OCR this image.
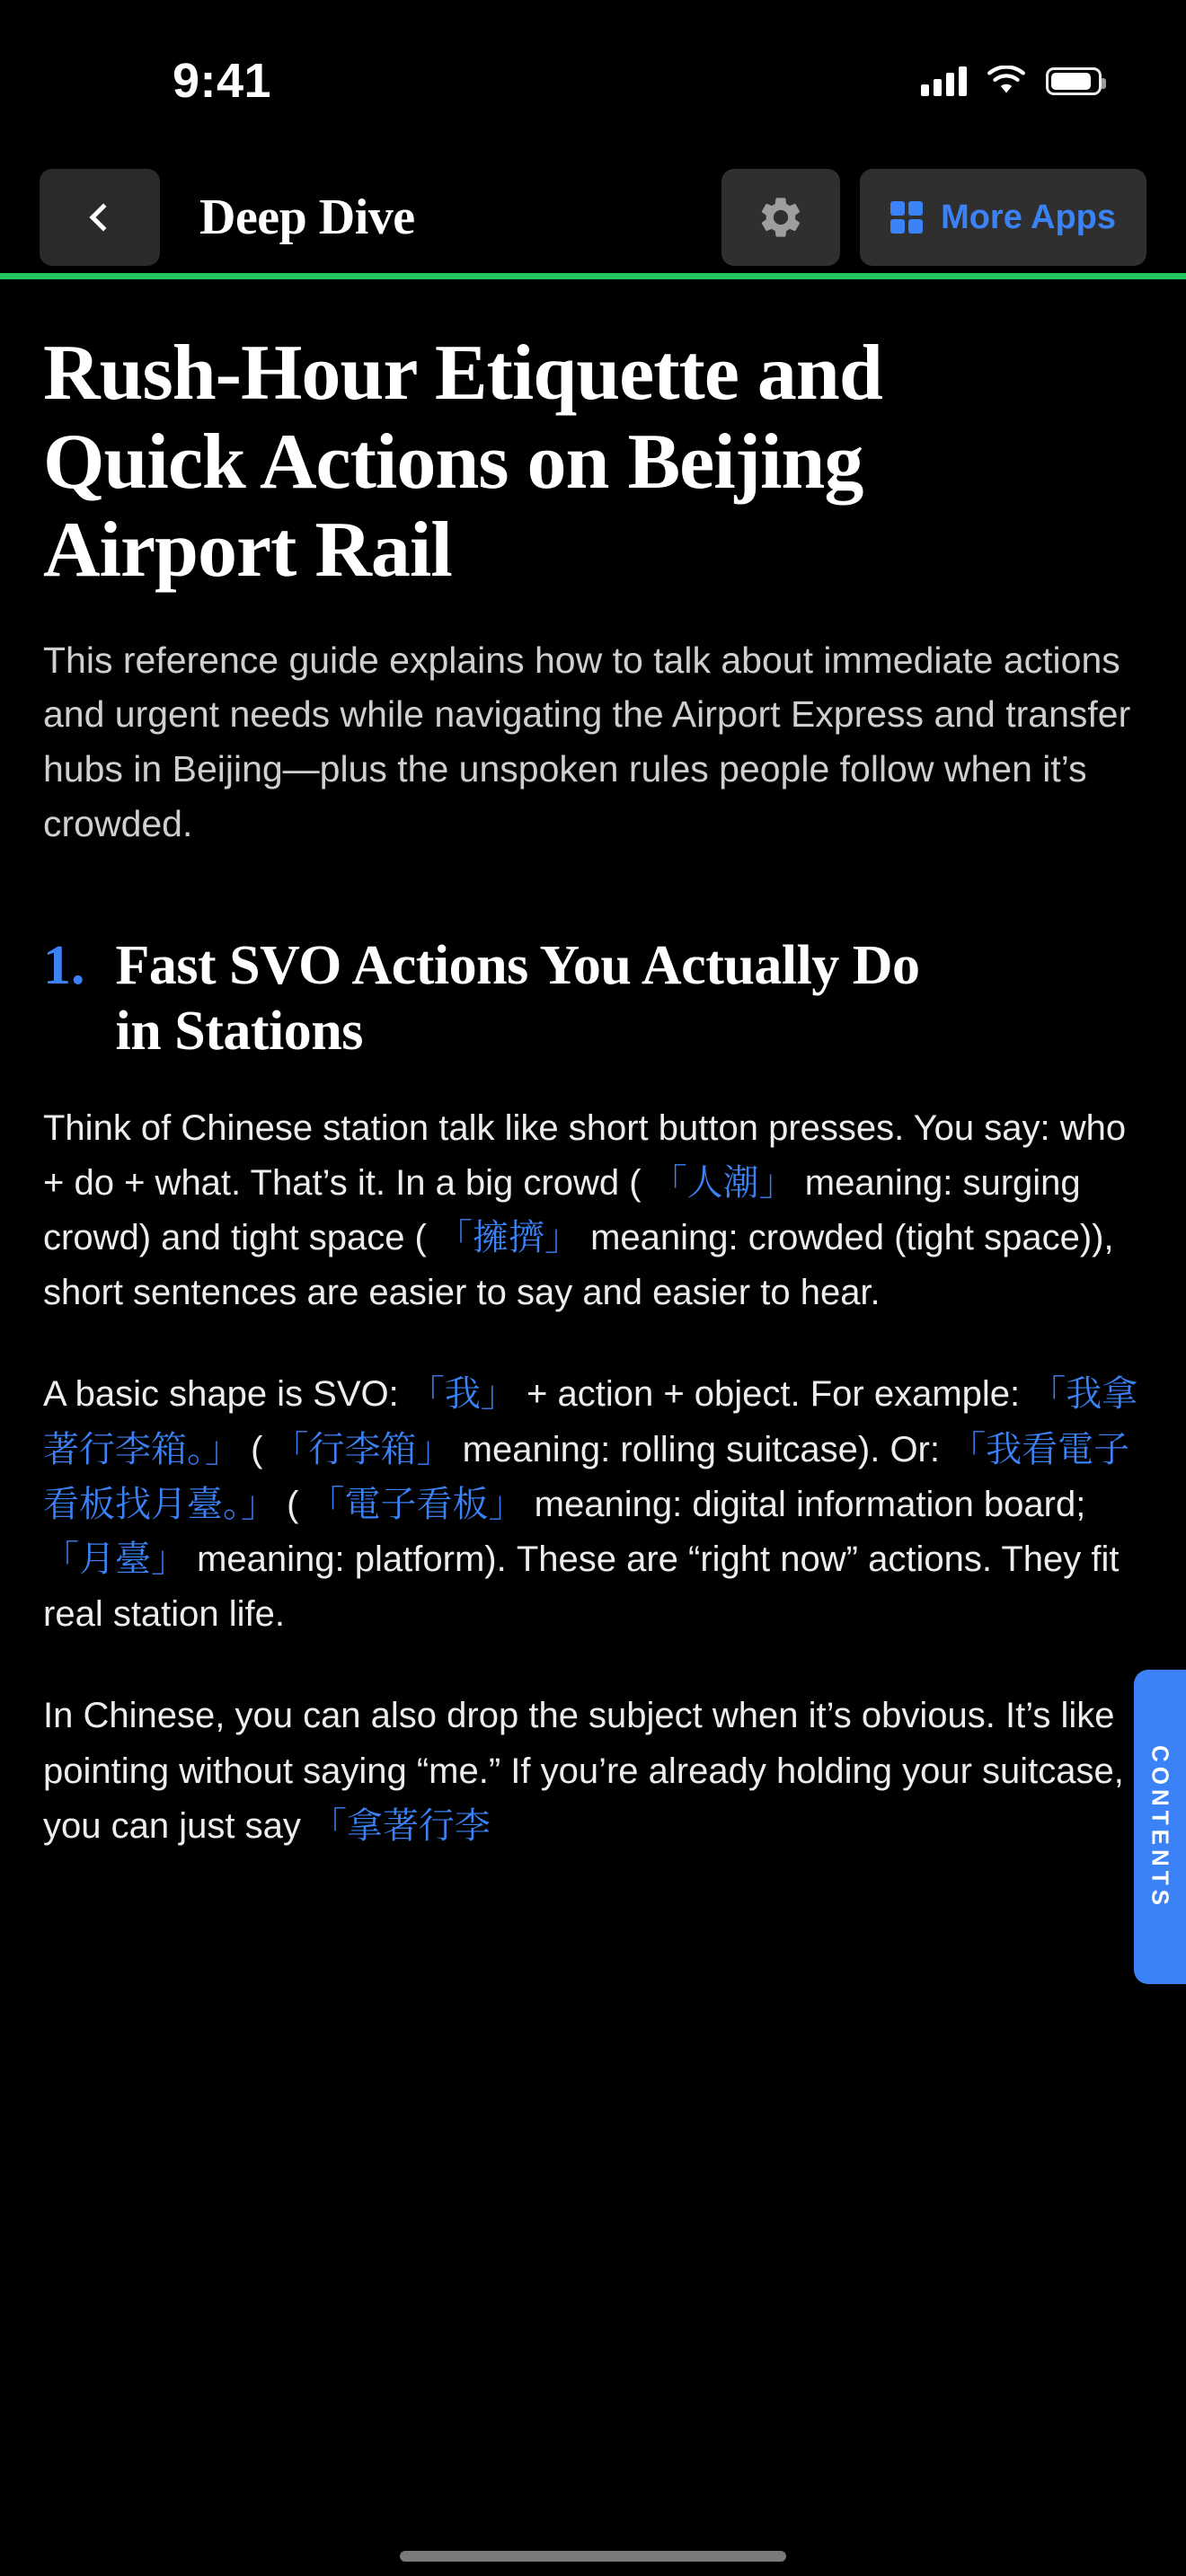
9:41
Deep Dive	More Apps
Rush-Hour Etiquette and Quick Actions on Beijing Airport Rail

This reference guide explains how to talk about immediate actions and urgent needs while navigating the Airport Express and transfer hubs in Beijing—plus the unspoken rules people follow when it’s crowded.

1. Fast SVO Actions You Actually Do in Stations

Think of Chinese station talk like short button presses. You say: who + do + what. That’s it. In a big crowd ( 「人潮」 meaning: surging crowd) and tight space ( 「擁擠」 meaning: crowded (tight space)), short sentences are easier to say and easier to hear.

A basic shape is SVO: 「我」 + action + object. For example: 「我拿著行李箱。」 ( 「行李箱」 meaning: rolling suitcase). Or: 「我看電子看板找月臺。」 ( 「電子看板」 meaning: digital information board; 「月臺」 meaning: platform). These are “right now” actions. They fit real station life.

In Chinese, you can also drop the subject when it’s obvious. It’s like pointing without saying “me.” If you’re already holding your suitcase, you can just say 「拿著行李	CONTENTS
